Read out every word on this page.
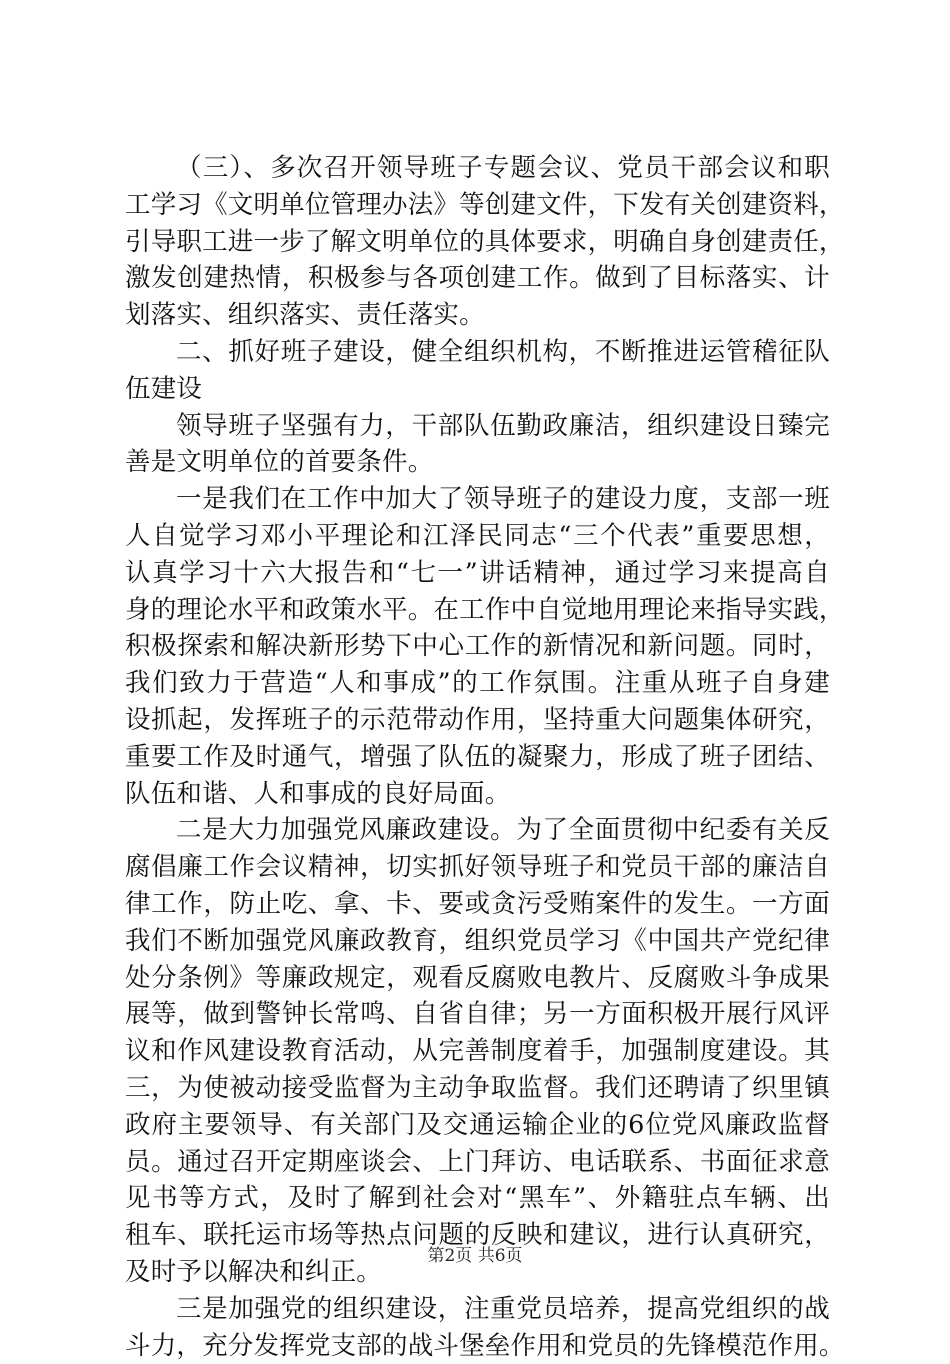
（三）、多次召开领导班子专题会议、党员干部会议和职
工学习《文明单位管理办法》等创建文件，下发有关创建资料，
引导职工进一步了解文明单位的具体要求，明确自身创建责任，
激发创建热情，积极参与各项创建工作。做到了目标落实、计
划落实、组织落实、责任落实。
二、抓好班子建设，健全组织机构，不断推进运管稽征队
伍建设
领导班子坚强有力，干部队伍勤政廉洁，组织建设日臻完
善是文明单位的首要条件。
一是我们在工作中加大了领导班子的建设力度，支部一班
人自觉学习邓小平理论和江泽民同志“三个代表”重要思想，
认真学习十六大报告和“七一”讲话精神，通过学习来提高自
身的理论水平和政策水平。在工作中自觉地用理论来指导实践，
积极探索和解决新形势下中心工作的新情况和新问题。同时，
我们致力于营造“人和事成”的工作氛围。注重从班子自身建
设抓起，发挥班子的示范带动作用，坚持重大问题集体研究，
重要工作及时通气，增强了队伍的凝聚力，形成了班子团结、
队伍和谐、人和事成的良好局面。
二是大力加强党风廉政建设。为了全面贯彻中纪委有关反
腐倡廉工作会议精神，切实抓好领导班子和党员干部的廉洁自
律工作，防止吃、拿、卡、要或贪污受贿案件的发生。一方面
我们不断加强党风廉政教育，组织党员学习《中国共产党纪律
处分条例》等廉政规定，观看反腐败电教片、反腐败斗争成果
展等，做到警钟长常鸣、自省自律；另一方面积极开展行风评
议和作风建设教育活动，从完善制度着手，加强制度建设。其
三，为使被动接受监督为主动争取监督。我们还聘请了织里镇
政府主要领导、有关部门及交通运输企业的6位党风廉政监督
员。通过召开定期座谈会、上门拜访、电话联系、书面征求意
见书等方式，及时了解到社会对“黑车”、外籍驻点车辆、出
租车、联托运市场等热点问题的反映和建议，进行认真研究，
及时予以解决和纠正。
三是加强党的组织建设，注重党员培养，提高党组织的战
斗力，充分发挥党支部的战斗堡垒作用和党员的先锋模范作用。
第2页 共6页
